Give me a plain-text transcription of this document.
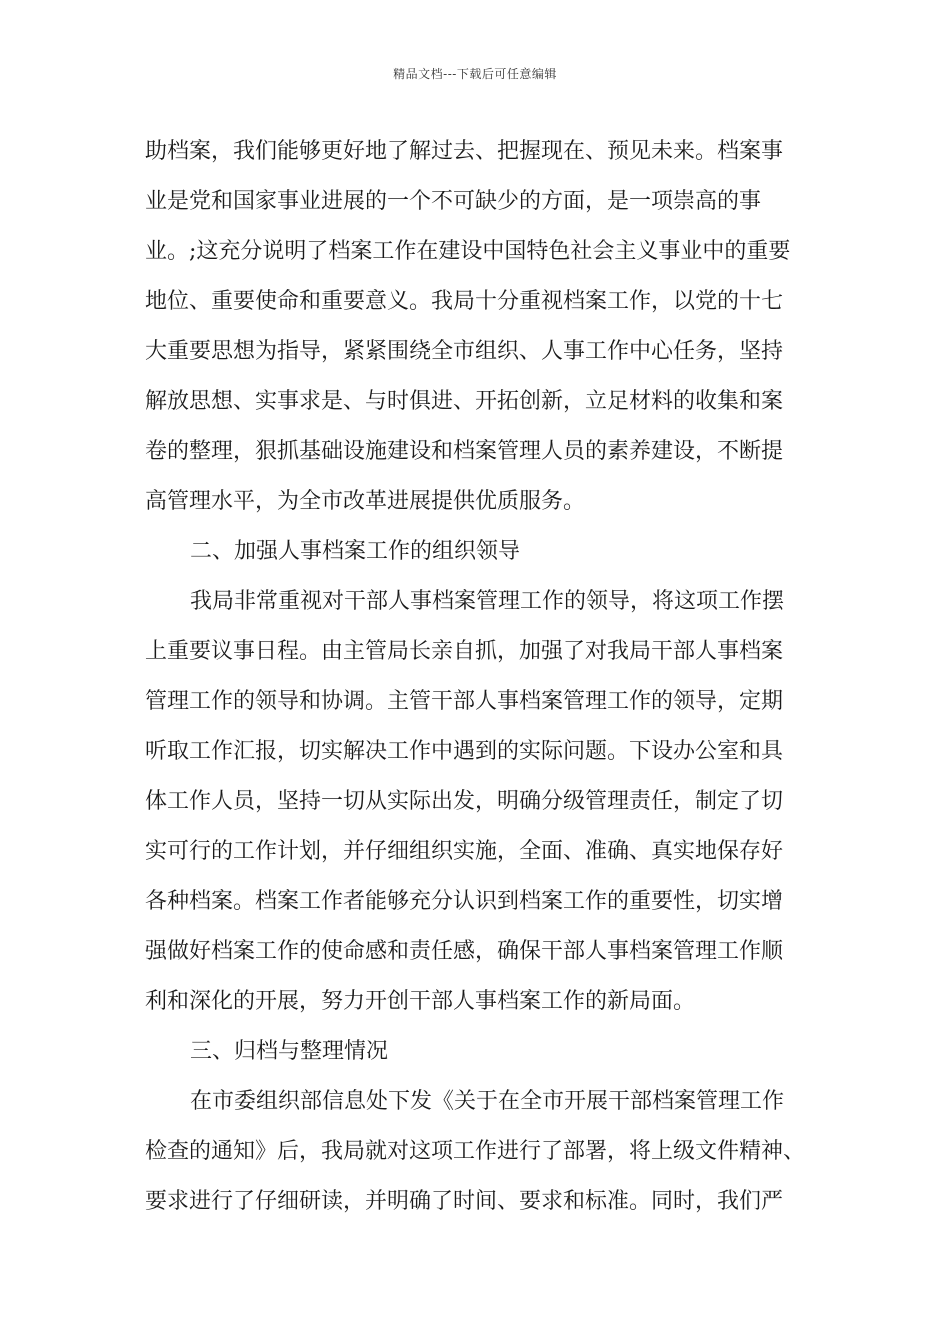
精品文档---下载后可任意编辑
助档案，我们能够更好地了解过去、把握现在、预见未来。档案事
业是党和国家事业进展的一个不可缺少的方面，是一项崇高的事
业。;这充分说明了档案工作在建设中国特色社会主义事业中的重要
地位、重要使命和重要意义。我局十分重视档案工作，以党的十七
大重要思想为指导，紧紧围绕全市组织、人事工作中心任务，坚持
解放思想、实事求是、与时俱进、开拓创新，立足材料的收集和案
卷的整理，狠抓基础设施建设和档案管理人员的素养建设，不断提
高管理水平，为全市改革进展提供优质服务。
二、加强人事档案工作的组织领导
我局非常重视对干部人事档案管理工作的领导，将这项工作摆
上重要议事日程。由主管局长亲自抓，加强了对我局干部人事档案
管理工作的领导和协调。主管干部人事档案管理工作的领导，定期
听取工作汇报，切实解决工作中遇到的实际问题。下设办公室和具
体工作人员，坚持一切从实际出发，明确分级管理责任，制定了切
实可行的工作计划，并仔细组织实施，全面、准确、真实地保存好
各种档案。档案工作者能够充分认识到档案工作的重要性，切实增
强做好档案工作的使命感和责任感，确保干部人事档案管理工作顺
利和深化的开展，努力开创干部人事档案工作的新局面。
三、归档与整理情况
在市委组织部信息处下发《关于在全市开展干部档案管理工作
检查的通知》后，我局就对这项工作进行了部署，将上级文件精神、
要求进行了仔细研读，并明确了时间、要求和标准。同时，我们严
